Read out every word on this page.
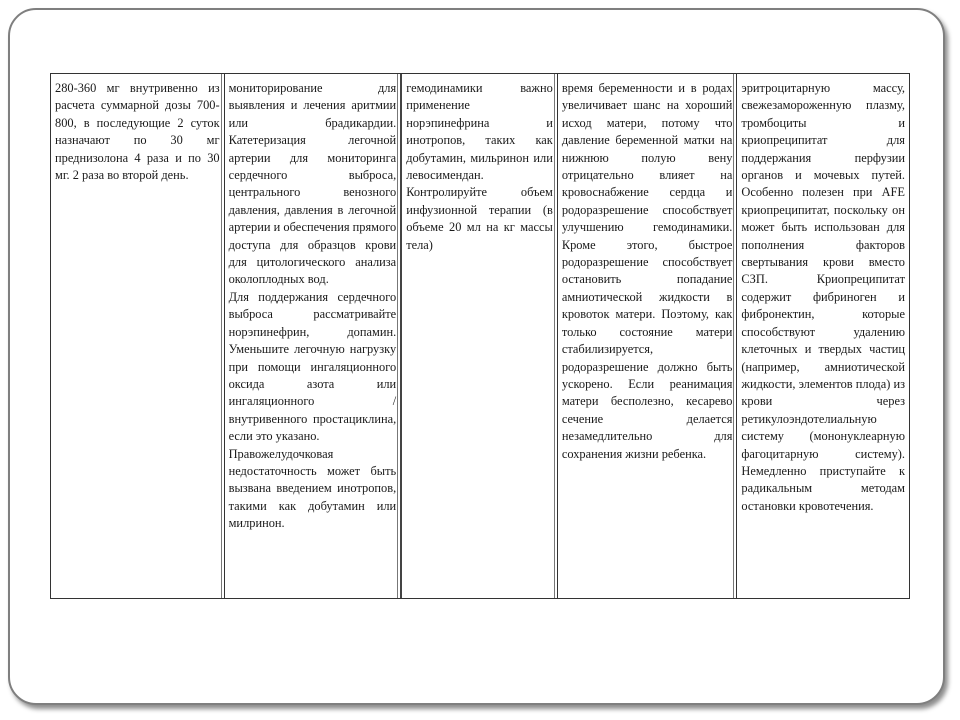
280-360 мг внутривенно из расчета суммарной дозы 700-800, в последующие 2 суток назначают по 30 мг преднизолона 4 раза и по 30 мг. 2 раза во второй день.

мониторирование для выявления и лечения аритмии или брадикардии. Катетеризация легочной артерии для мониторинга сердечного выброса, центрального венозного давления, давления в легочной артерии и обеспечения прямого доступа для образцов крови для цитологического анализа околоплодных вод.

Для поддержания сердечного выброса рассматривайте норэпинефрин, допамин. Уменьшите легочную нагрузку при помощи ингаляционного оксида азота или ингаляционного /внутривенного простациклина, если это указано.

Правожелудочковая недостаточность может быть вызвана введением инотропов, такими как добутамин или милринон.

гемодинамики важно применение норэпинефрина и инотропов, таких как добутамин, мильринон или левосимендан. Контролируйте объем инфузионной терапии (в объеме 20 мл на кг массы тела)

время беременности и в родах увеличивает шанс на хороший исход матери, потому что давление беременной матки на нижнюю полую вену отрицательно влияет на кровоснабжение сердца и родоразрешение способствует улучшению гемодинамики. Кроме этого, быстрое родоразрешение способствует остановить попадание амниотической жидкости в кровоток матери. Поэтому, как только состояние матери стабилизируется, родоразрешение должно быть ускорено. Если реанимация матери бесполезно, кесарево сечение делается незамедлительно для сохранения жизни ребенка.

эритроцитарную массу, свежезамороженную плазму, тромбоциты и криопреципитат для поддержания перфузии органов и мочевых путей. Особенно полезен при AFE криопреципитат, поскольку он может быть использован для пополнения факторов свертывания крови вместо СЗП. Криопреципитат содержит фибриноген и фибронектин, которые способствуют удалению клеточных и твердых частиц (например, амниотической жидкости, элементов плода) из крови через ретикулоэндотелиальную систему (мононуклеарную фагоцитарную систему). Немедленно приступайте к радикальным методам остановки кровотечения.
